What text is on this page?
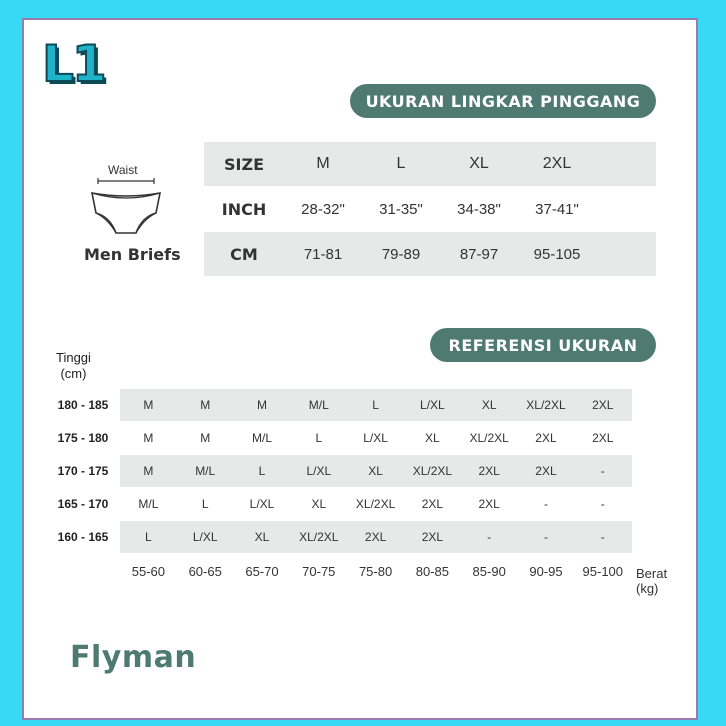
L1
UKURAN LINGKAR PINGGANG
Waist
Men Briefs
SIZE	M	L	XL	2XL
INCH	28-32"	31-35"	34-38"	37-41"
CM	71-81	79-89	87-97	95-105
REFERENSI UKURAN
Tinggi
(cm)
180 - 185	M	M	M	M/L	L	L/XL	XL	XL/2XL	2XL
175 - 180	M	M	M/L	L	L/XL	XL	XL/2XL	2XL	2XL
170 - 175	M	M/L	L	L/XL	XL	XL/2XL	2XL	2XL	-
165 - 170	M/L	L	L/XL	XL	XL/2XL	2XL	2XL	-	-
160 - 165	L	L/XL	XL	XL/2XL	2XL	2XL	-	-	-
55-60	60-65	65-70	70-75	75-80	80-85	85-90	90-95	95-100 Berat
(kg)
Flyman
